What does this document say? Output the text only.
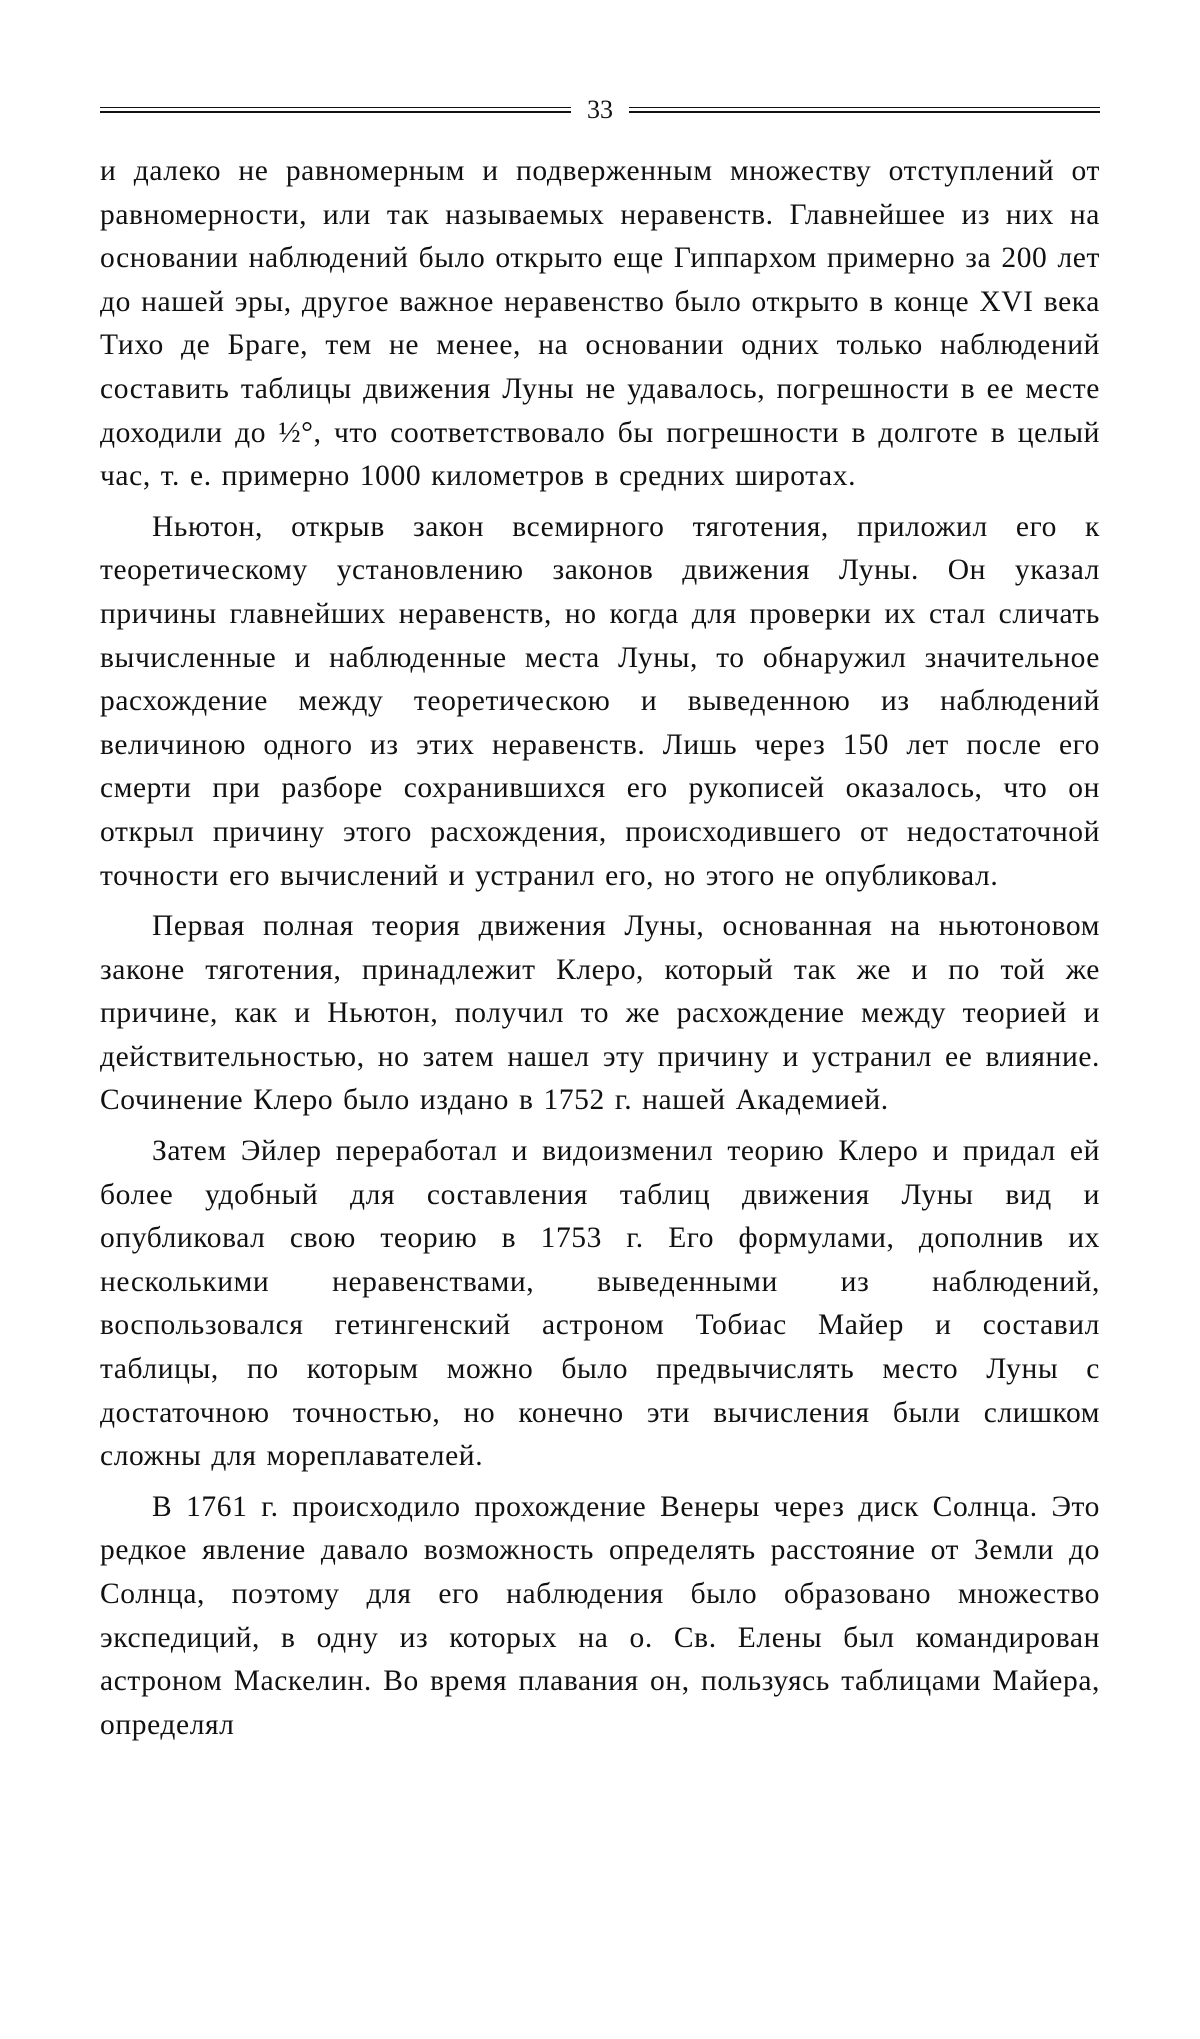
33

и далеко не равномерным и подверженным множеству отсту­плений от равномерности, или так называемых неравенств. Глав­нейшее из них на основании наблюдений было открыто еще Гиппархом примерно за 200 лет до нашей эры, другое важное неравенство было открыто в конце XVI века Тихо де Браге, тем не менее, на основании одних только наблюдений составить таблицы движения Луны не удавалось, погрешности в ее месте доходили до ½°, что соответствовало бы погрешности в дол­готе в целый час, т. е. примерно 1000 километров в средних широтах.

Ньютон, открыв закон всемирного тяготения, приложил его к теоретическому установлению законов движения Луны. Он указал причины главнейших неравенств, но когда для проверки их стал сличать вычисленные и наблюденные места Луны, то обнаружил значительное расхождение между теоретическою и выведенною из наблюдений величиною одного из этих нера­венств. Лишь через 150 лет после его смерти при разборе сохранившихся его рукописей оказалось, что он открыл причину этого расхождения, происходившего от недостаточной точности его вычислений и устранил его, но этого не опубликовал.

Первая полная теория движения Луны, основанная на ньюто­новом законе тяготения, принадлежит Клеро, который так же и по той же причине, как и Ньютон, получил то же расхождение между теорией и действительностью, но затем нашел эту при­чину и устранил ее влияние. Сочинение Клеро было издано в 1752 г. нашей Академией.

Затем Эйлер переработал и видоизменил теорию Клеро и придал ей более удобный для составления таблиц движения Луны вид и опубликовал свою теорию в 1753 г. Его формулами, дополнив их несколькими неравенствами, выведенными из на­блюдений, воспользовался гетингенский астроном Тобиас Майер и составил таблицы, по которым можно было предвычислять место Луны с достаточною точностью, но конечно эти вычисле­ния были слишком сложны для мореплавателей.

В 1761 г. происходило прохождение Венеры через диск Солнца. Это редкое явление давало возможность определять расстояние от Земли до Солнца, поэтому для его наблюдения было образовано множество экспедиций, в одну из которых на о. Св. Елены был командирован астроном Маскелин. Во время плавания он, пользуясь таблицами Майера, определял
